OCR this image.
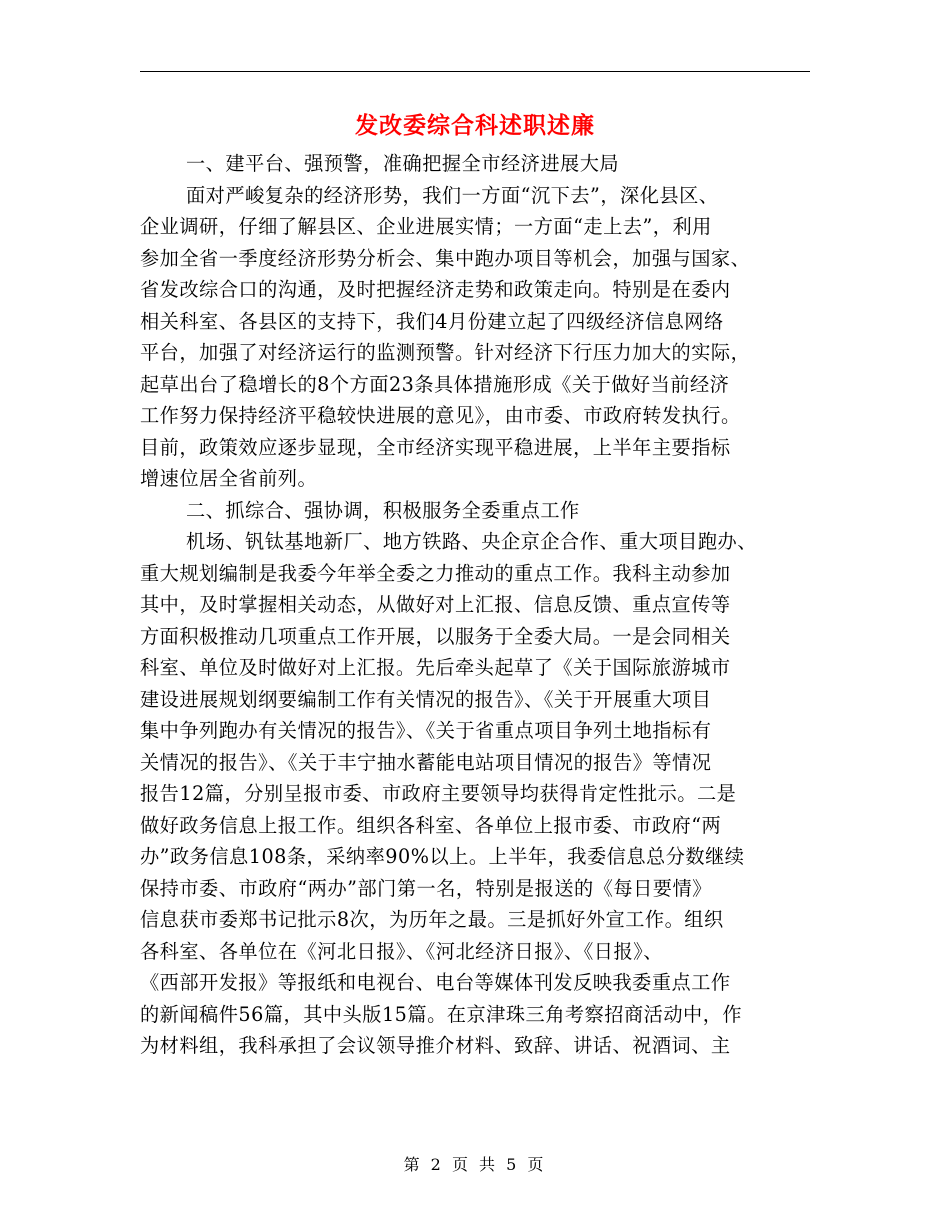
发改委综合科述职述廉
一、建平台、强预警，准确把握全市经济进展大局
面对严峻复杂的经济形势，我们一方面“沉下去”，深化县区、
企业调研，仔细了解县区、企业进展实情；一方面“走上去”，利用
参加全省一季度经济形势分析会、集中跑办项目等机会，加强与国家、
省发改综合口的沟通，及时把握经济走势和政策走向。特别是在委内
相关科室、各县区的支持下，我们4月份建立起了四级经济信息网络
平台，加强了对经济运行的监测预警。针对经济下行压力加大的实际，
起草出台了稳增长的8个方面23条具体措施形成《关于做好当前经济
工作努力保持经济平稳较快进展的意见》，由市委、市政府转发执行。
目前，政策效应逐步显现，全市经济实现平稳进展，上半年主要指标
增速位居全省前列。
二、抓综合、强协调，积极服务全委重点工作
机场、钒钛基地新厂、地方铁路、央企京企合作、重大项目跑办、
重大规划编制是我委今年举全委之力推动的重点工作。我科主动参加
其中，及时掌握相关动态，从做好对上汇报、信息反馈、重点宣传等
方面积极推动几项重点工作开展，以服务于全委大局。一是会同相关
科室、单位及时做好对上汇报。先后牵头起草了《关于国际旅游城市
建设进展规划纲要编制工作有关情况的报告》、《关于开展重大项目
集中争列跑办有关情况的报告》、《关于省重点项目争列土地指标有
关情况的报告》、《关于丰宁抽水蓄能电站项目情况的报告》等情况
报告12篇，分别呈报市委、市政府主要领导均获得肯定性批示。二是
做好政务信息上报工作。组织各科室、各单位上报市委、市政府“两
办”政务信息108条，采纳率90%以上。上半年，我委信息总分数继续
保持市委、市政府“两办”部门第一名，特别是报送的《每日要情》
信息获市委郑书记批示8次，为历年之最。三是抓好外宣工作。组织
各科室、各单位在《河北日报》、《河北经济日报》、《日报》、
《西部开发报》等报纸和电视台、电台等媒体刊发反映我委重点工作
的新闻稿件56篇，其中头版15篇。在京津珠三角考察招商活动中，作
为材料组，我科承担了会议领导推介材料、致辞、讲话、祝酒词、主
第 2 页 共 5 页
